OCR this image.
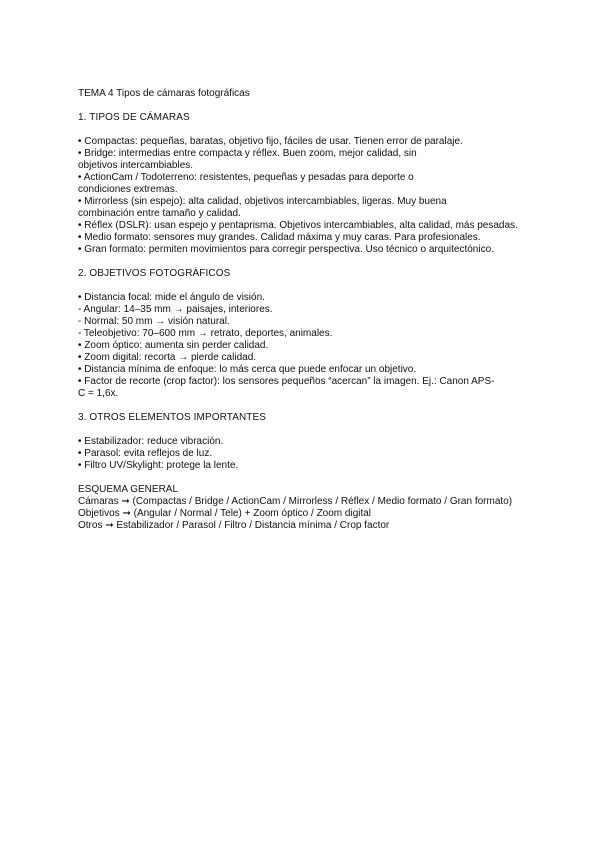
TEMA 4 Tipos de cámaras fotográficas

1. TIPOS DE CÁMARAS

• Compactas: pequeñas, baratas, objetivo fijo, fáciles de usar. Tienen error de paralaje.
• Bridge: intermedias entre compacta y réflex. Buen zoom, mejor calidad, sin
objetivos intercambiables.
• ActionCam / Todoterreno: resistentes, pequeñas y pesadas para deporte o
condiciones extremas.
• Mirrorless (sin espejo): alta calidad, objetivos intercambiables, ligeras. Muy buena
combinación entre tamaño y calidad.
• Réflex (DSLR): usan espejo y pentaprisma. Objetivos intercambiables, alta calidad, más pesadas.
• Medio formato: sensores muy grandes. Calidad máxima y muy caras. Para profesionales.
• Gran formato: permiten movimientos para corregir perspectiva. Uso técnico o arquitectónico.

2. OBJETIVOS FOTOGRÁFICOS

• Distancia focal: mide el ángulo de visión.
- Angular: 14–35 mm → paisajes, interiores.
- Normal: 50 mm → visión natural.
- Teleobjetivo: 70–600 mm → retrato, deportes, animales.
• Zoom óptico: aumenta sin perder calidad.
• Zoom digital: recorta → pierde calidad.
• Distancia mínima de enfoque: lo más cerca que puede enfocar un objetivo.
• Factor de recorte (crop factor): los sensores pequeños “acercan” la imagen. Ej.: Canon APS-
C = 1,6x.

3. OTROS ELEMENTOS IMPORTANTES

• Estabilizador: reduce vibración.
• Parasol: evita reflejos de luz.
• Filtro UV/Skylight: protege la lente.

ESQUEMA GENERAL

Cámaras ➞ (Compactas / Bridge / ActionCam / Mirrorless / Réflex / Medio formato / Gran formato)

Objetivos ➞ (Angular / Normal / Tele) + Zoom óptico / Zoom digital

Otros ➞ Estabilizador / Parasol / Filtro / Distancia mínima / Crop factor
